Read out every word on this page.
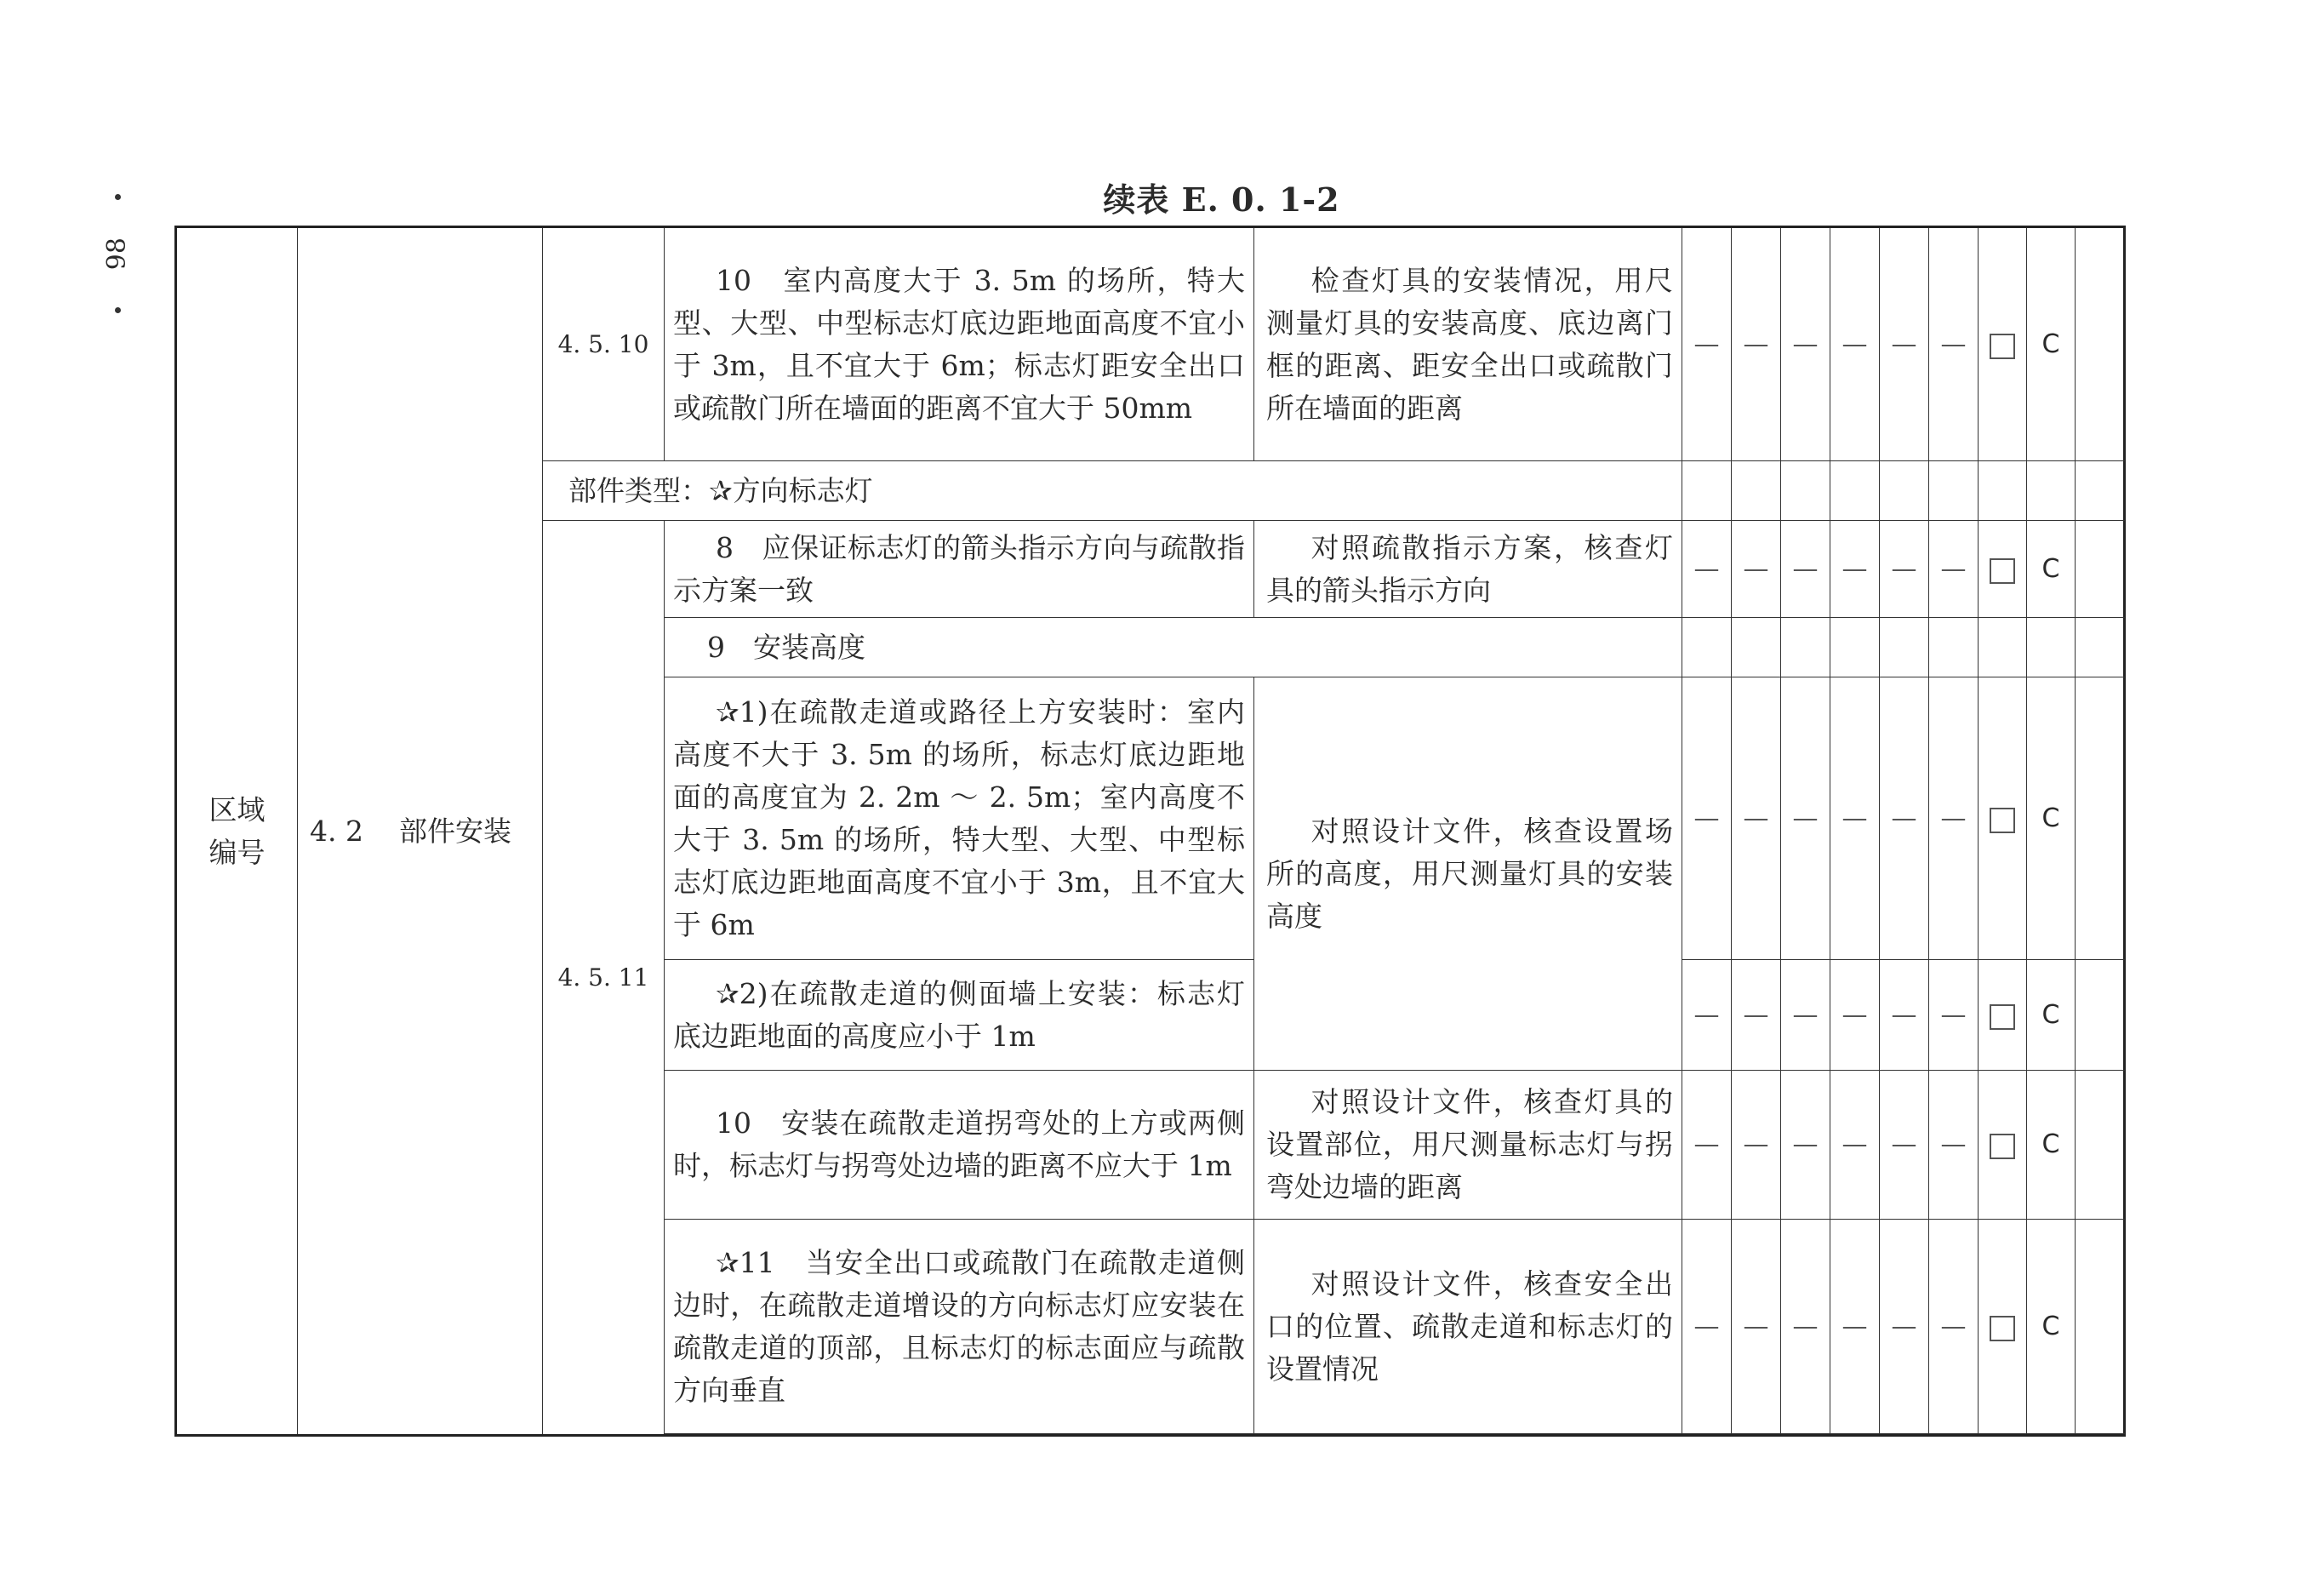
98
续表 E. 0. 1-2
区域
编号	4. 2 部件安装	4. 5. 10	10　室内高度大于 3. 5m 的场所，特大型、大型、中型标志灯底边距地面高度不宜小于 3m，且不宜大于 6m；标志灯距安全出口或疏散门所在墙面的距离不宜大于 50mm	检查灯具的安装情况，用尺测量灯具的安装高度、底边离门框的距离、距安全出口或疏散门所在墙面的距离	—	—	—	—	—	—		C	
		部件类型：✰方向标志灯											
		4. 5. 11	8　应保证标志灯的箭头指示方向与疏散指示方案一致	对照疏散指示方案，核查灯具的箭头指示方向	—	—	—	—	—	—		C	
			9　安装高度										
			✰1)在疏散走道或路径上方安装时：室内高度不大于 3. 5m 的场所，标志灯底边距地面的高度宜为 2. 2m ～ 2. 5m；室内高度不大于 3. 5m 的场所，特大型、大型、中型标志灯底边距地面高度不宜小于 3m，且不宜大于 6m	对照设计文件，核查设置场所的高度，用尺测量灯具的安装高度	—	—	—	—	—	—		C	
			✰2)在疏散走道的侧面墙上安装：标志灯底边距地面的高度应小于 1m		—	—	—	—	—	—		C	
			10　安装在疏散走道拐弯处的上方或两侧时，标志灯与拐弯处边墙的距离不应大于 1m	对照设计文件，核查灯具的设置部位，用尺测量标志灯与拐弯处边墙的距离	—	—	—	—	—	—		C	
			✰11　当安全出口或疏散门在疏散走道侧边时，在疏散走道增设的方向标志灯应安装在疏散走道的顶部，且标志灯的标志面应与疏散方向垂直	对照设计文件，核查安全出口的位置、疏散走道和标志灯的设置情况	—	—	—	—	—	—		C	
